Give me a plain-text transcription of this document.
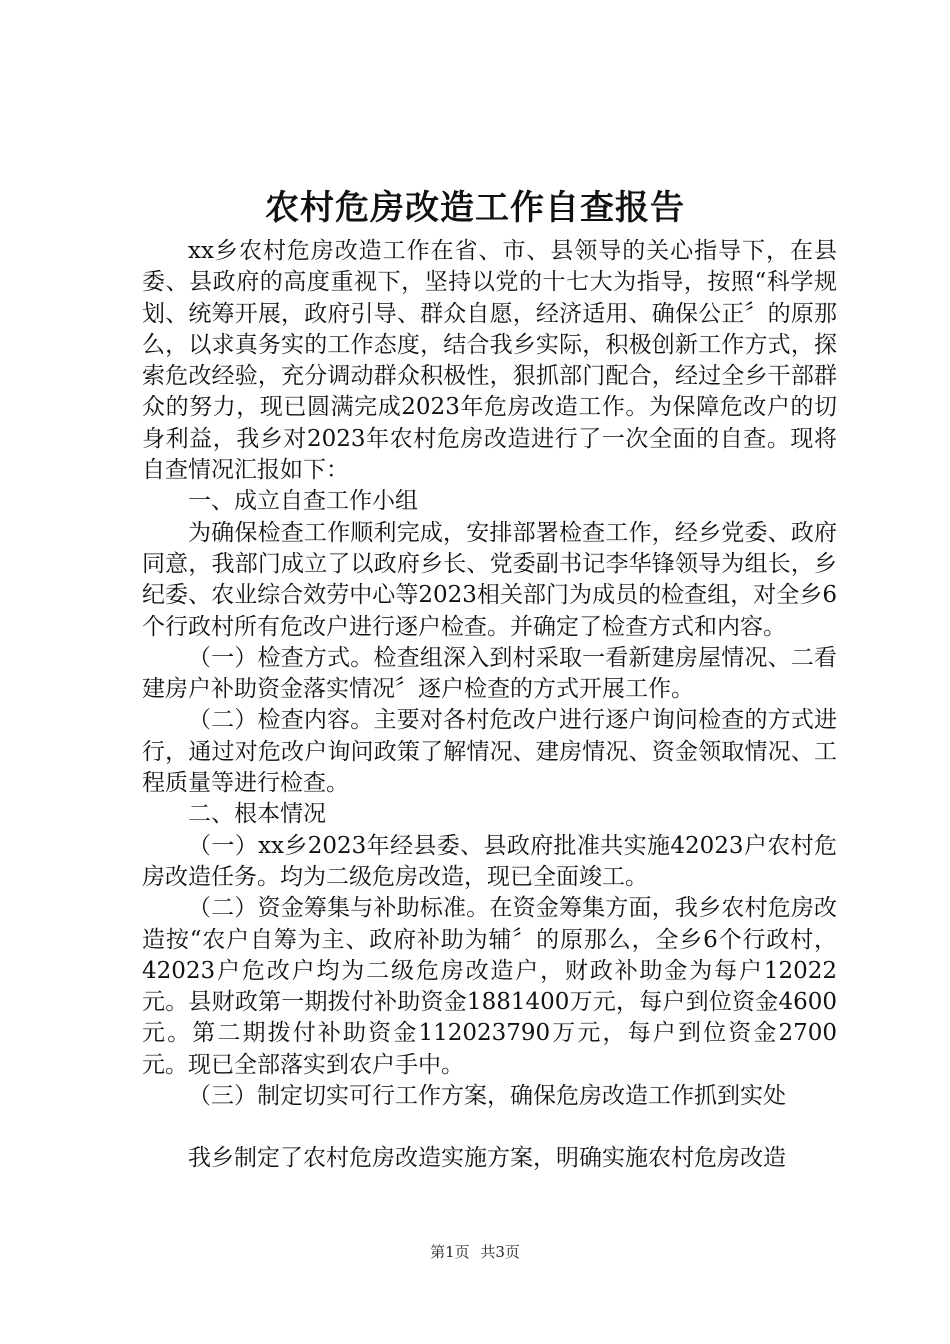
农村危房改造工作自查报告

xx乡农村危房改造工作在省、市、县领导的关心指导下，在县委、县政府的高度重视下，坚持以党的十七大为指导，按照“科学规划、统筹开展，政府引导、群众自愿，经济适用、确保公正〞的原那么，以求真务实的工作态度，结合我乡实际，积极创新工作方式，探索危改经验，充分调动群众积极性，狠抓部门配合，经过全乡干部群众的努力，现已圆满完成2023年危房改造工作。为保障危改户的切身利益，我乡对2023年农村危房改造进行了一次全面的自查。现将自查情况汇报如下：

一、成立自查工作小组

为确保检查工作顺利完成，安排部署检查工作，经乡党委、政府同意，我部门成立了以政府乡长、党委副书记李华锋领导为组长，乡纪委、农业综合效劳中心等2023相关部门为成员的检查组，对全乡6个行政村所有危改户进行逐户检查。并确定了检查方式和内容。

（一）检查方式。检查组深入到村采取一看新建房屋情况、二看建房户补助资金落实情况〞逐户检查的方式开展工作。

（二）检查内容。主要对各村危改户进行逐户询问检查的方式进行，通过对危改户询问政策了解情况、建房情况、资金领取情况、工程质量等进行检查。

二、根本情况

（一）xx乡2023年经县委、县政府批准共实施42023户农村危房改造任务。均为二级危房改造，现已全面竣工。

（二）资金筹集与补助标准。在资金筹集方面，我乡农村危房改造按“农户自筹为主、政府补助为辅〞的原那么，全乡6个行政村，42023户危改户均为二级危房改造户，财政补助金为每户12022元。县财政第一期拨付补助资金1881400万元，每户到位资金4600元。第二期拨付补助资金112023790万元，每户到位资金2700元。现已全部落实到农户手中。

（三）制定切实可行工作方案，确保危房改造工作抓到实处

我乡制定了农村危房改造实施方案，明确实施农村危房改造

第1页 共3页
